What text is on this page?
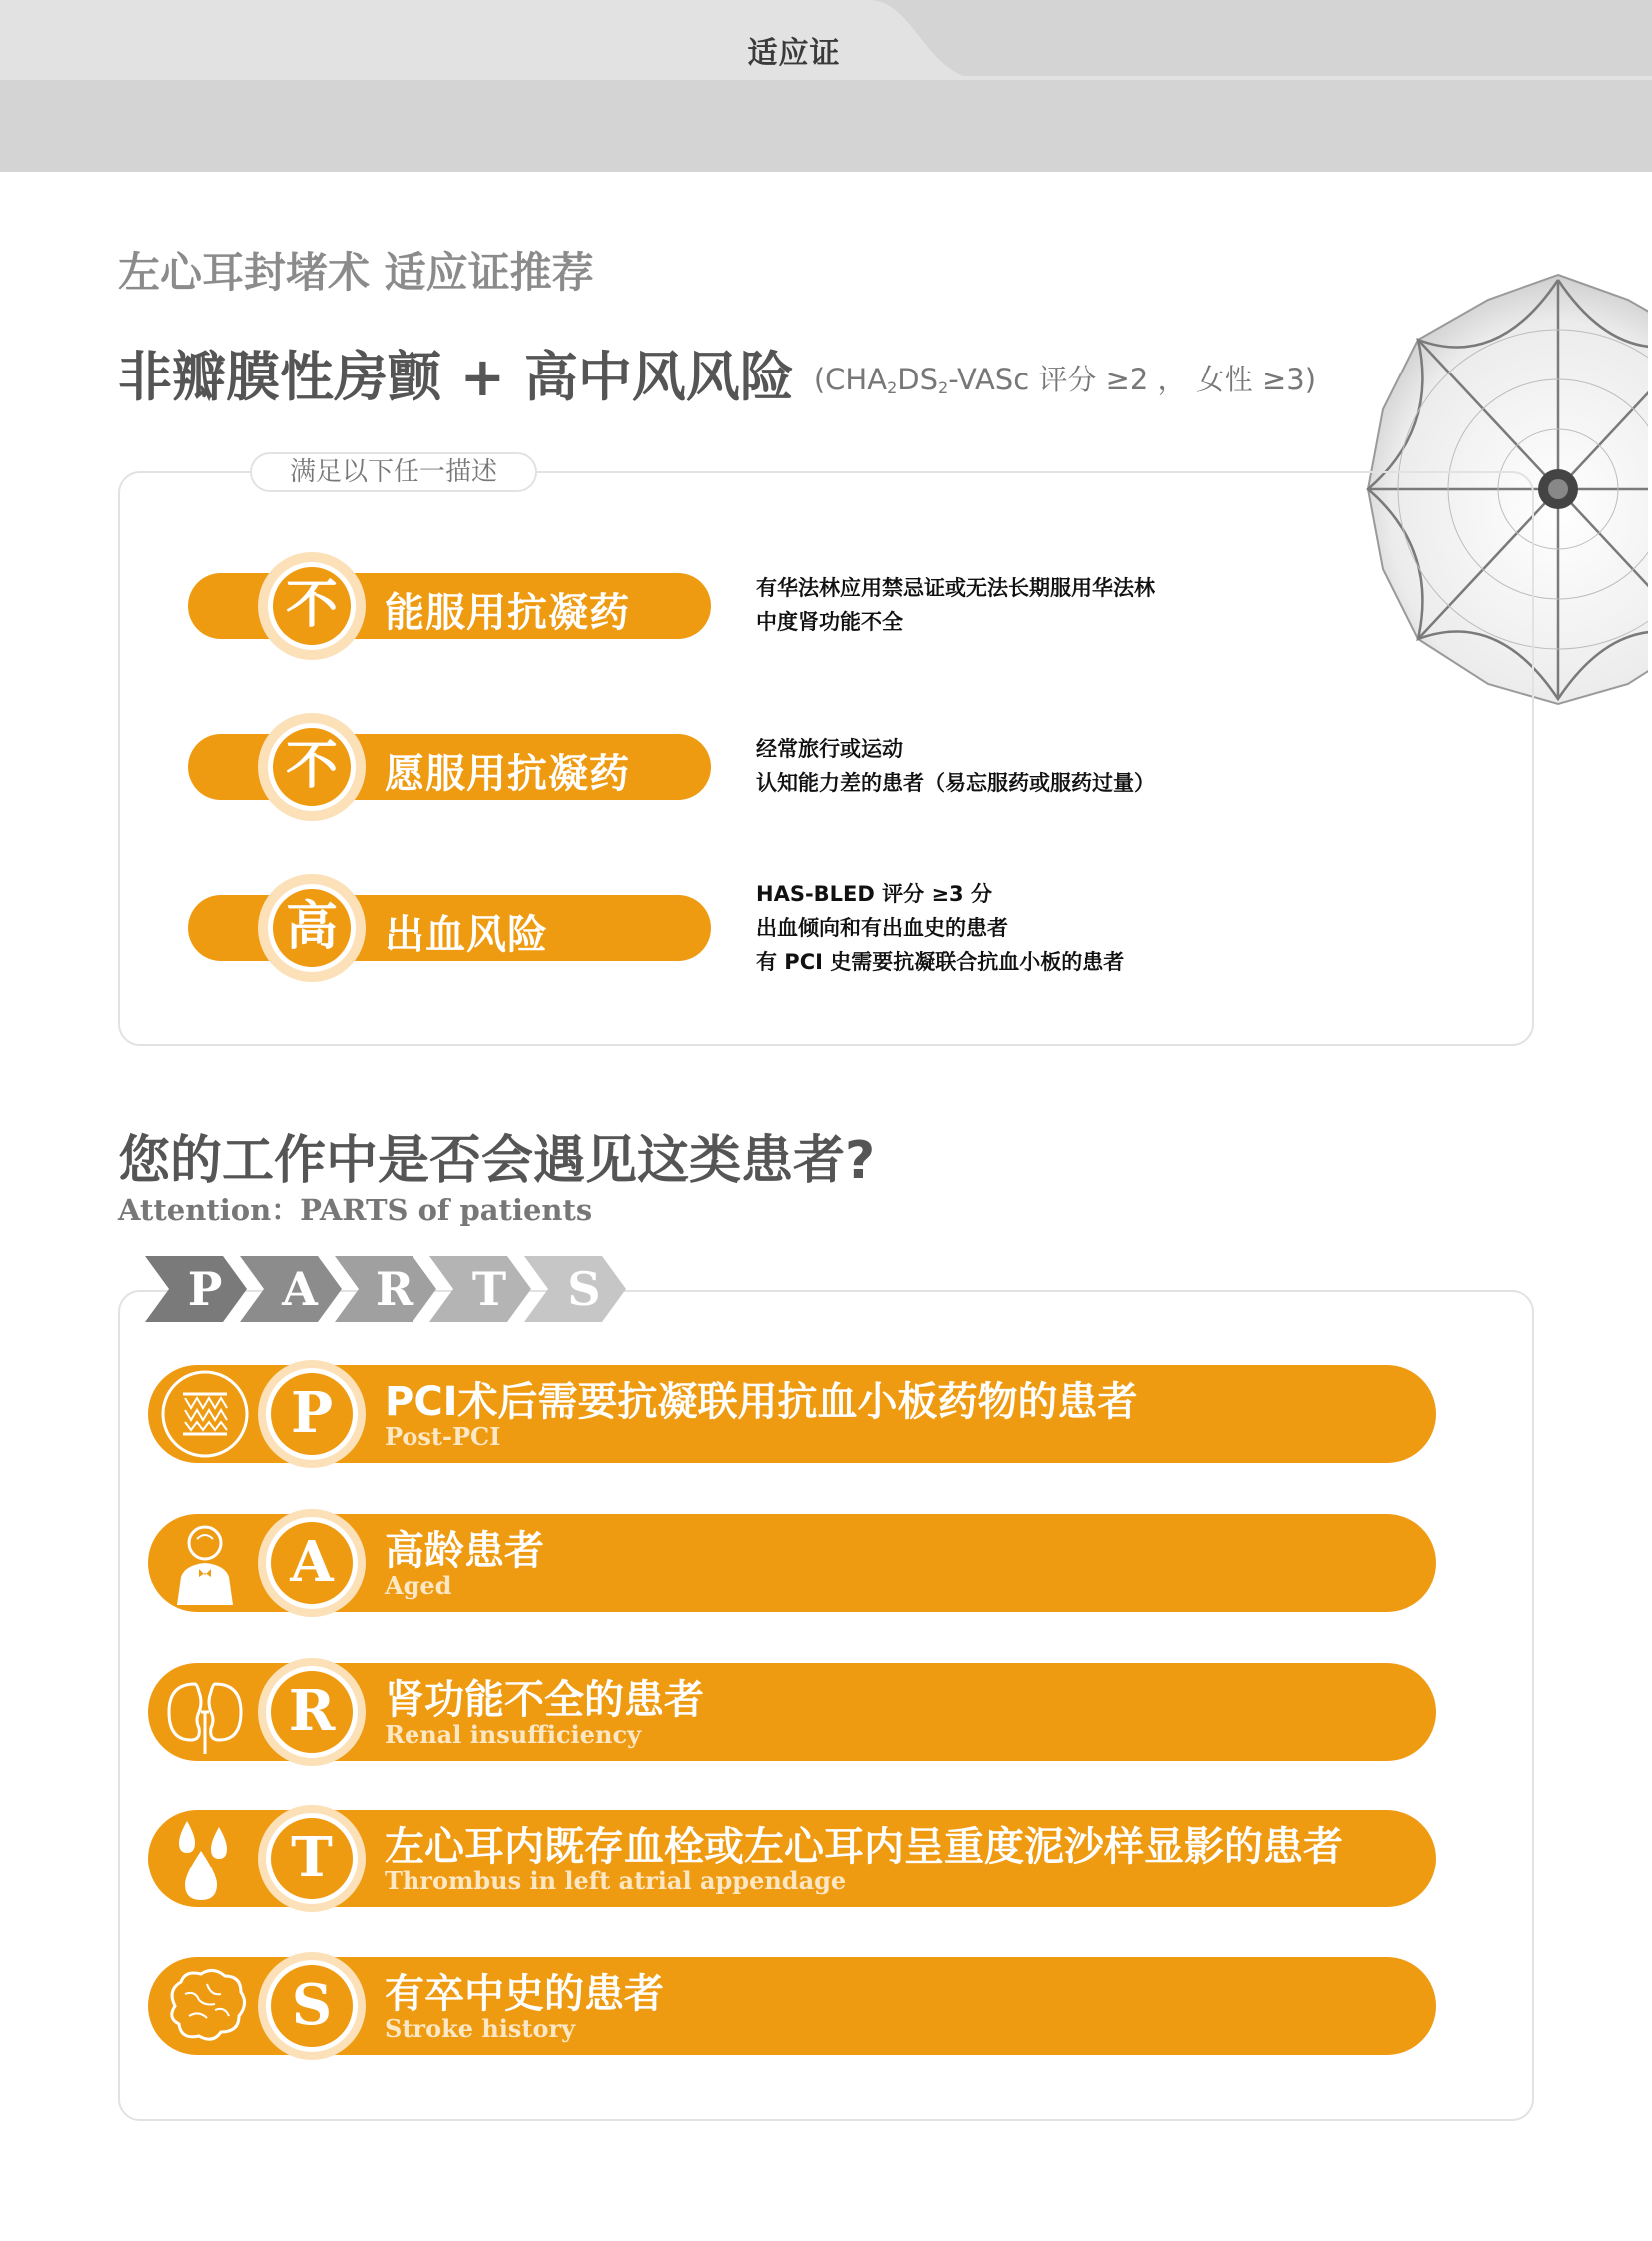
适应证
左心耳封堵术 适应证推荐
非瓣膜性房颤 + 高中风风险 ($CHA_2DS_2$-VASc 评分 ≥2 ， 女性 ≥3)
满足以下任一描述
不	能服用抗凝药
有华法林应用禁忌证或无法长期服用华法林
中度肾功能不全
不	愿服用抗凝药
经常旅行或运动
认知能力差的患者（易忘服药或服药过量）
高	出血风险
HAS-BLED 评分 ≥3 分
出血倾向和有出血史的患者
有 PCI 史需要抗凝联合抗血小板的患者
您的工作中是否会遇见这类患者?
Attention：PARTS of patients
P A R T S
P	PCI术后需要抗凝联用抗血小板药物的患者
Post-PCI
A	高龄患者
Aged
R	肾功能不全的患者
Renal insufficiency
T	左心耳内既存血栓或左心耳内呈重度泥沙样显影的患者
Thrombus in left atrial appendage
S	有卒中史的患者
Stroke history
